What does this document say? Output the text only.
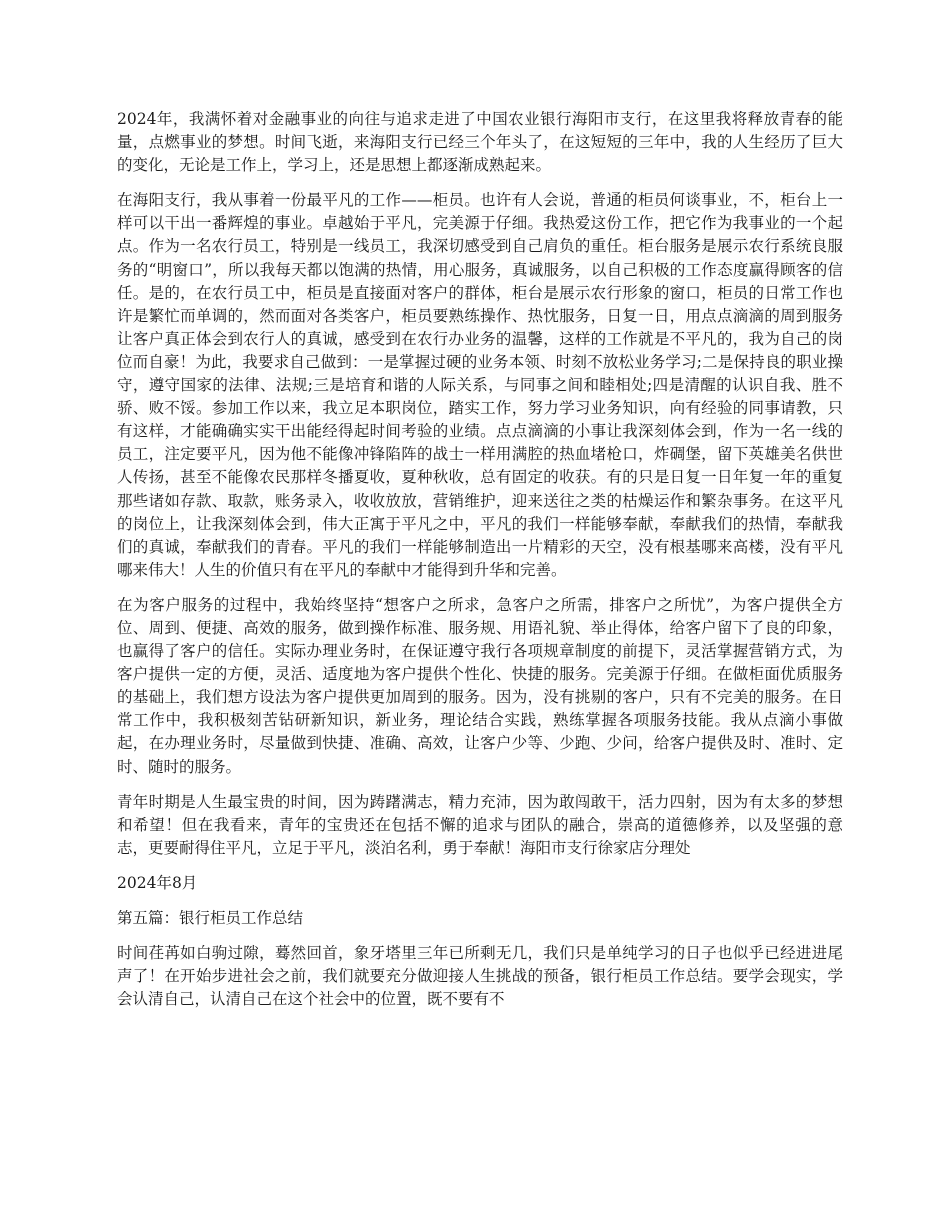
2024年，我满怀着对金融事业的向往与追求走进了中国农业银行海阳市支行，在这里我将释放青春的能量，点燃事业的梦想。时间飞逝，来海阳支行已经三个年头了，在这短短的三年中，我的人生经历了巨大的变化，无论是工作上，学习上，还是思想上都逐渐成熟起来。

在海阳支行，我从事着一份最平凡的工作——柜员。也许有人会说，普通的柜员何谈事业，不，柜台上一样可以干出一番辉煌的事业。卓越始于平凡，完美源于仔细。我热爱这份工作，把它作为我事业的一个起点。作为一名农行员工，特别是一线员工，我深切感受到自己肩负的重任。柜台服务是展示农行系统良服务的“明窗口”，所以我每天都以饱满的热情，用心服务，真诚服务，以自己积极的工作态度赢得顾客的信任。是的，在农行员工中，柜员是直接面对客户的群体，柜台是展示农行形象的窗口，柜员的日常工作也许是繁忙而单调的，然而面对各类客户，柜员要熟练操作、热忱服务，日复一日，用点点滴滴的周到服务让客户真正体会到农行人的真诚，感受到在农行办业务的温馨，这样的工作就是不平凡的，我为自己的岗位而自豪！为此，我要求自己做到：一是掌握过硬的业务本领、时刻不放松业务学习;二是保持良的职业操守，遵守国家的法律、法规;三是培育和谐的人际关系，与同事之间和睦相处;四是清醒的认识自我、胜不骄、败不馁。参加工作以来，我立足本职岗位，踏实工作，努力学习业务知识，向有经验的同事请教，只有这样，才能确确实实干出能经得起时间考验的业绩。点点滴滴的小事让我深刻体会到，作为一名一线的员工，注定要平凡，因为他不能像冲锋陷阵的战士一样用满腔的热血堵枪口，炸碉堡，留下英雄美名供世人传扬，甚至不能像农民那样冬播夏收，夏种秋收，总有固定的收获。有的只是日复一日年复一年的重复那些诸如存款、取款，账务录入，收收放放，营销维护，迎来送往之类的枯燥运作和繁杂事务。在这平凡的岗位上，让我深刻体会到，伟大正寓于平凡之中，平凡的我们一样能够奉献，奉献我们的热情，奉献我们的真诚，奉献我们的青春。平凡的我们一样能够制造出一片精彩的天空，没有根基哪来高楼，没有平凡哪来伟大！人生的价值只有在平凡的奉献中才能得到升华和完善。

在为客户服务的过程中，我始终坚持“想客户之所求，急客户之所需，排客户之所忧”，为客户提供全方位、周到、便捷、高效的服务，做到操作标准、服务规、用语礼貌、举止得体，给客户留下了良的印象，也赢得了客户的信任。实际办理业务时，在保证遵守我行各项规章制度的前提下，灵活掌握营销方式，为客户提供一定的方便，灵活、适度地为客户提供个性化、快捷的服务。完美源于仔细。在做柜面优质服务的基础上，我们想方设法为客户提供更加周到的服务。因为，没有挑剔的客户，只有不完美的服务。在日常工作中，我积极刻苦钻研新知识，新业务，理论结合实践，熟练掌握各项服务技能。我从点滴小事做起，在办理业务时，尽量做到快捷、准确、高效，让客户少等、少跑、少问，给客户提供及时、准时、定时、随时的服务。

青年时期是人生最宝贵的时间，因为踌躇满志，精力充沛，因为敢闯敢干，活力四射，因为有太多的梦想和希望！但在我看来，青年的宝贵还在包括不懈的追求与团队的融合，崇高的道德修养，以及坚强的意志，更要耐得住平凡，立足于平凡，淡泊名利，勇于奉献！海阳市支行徐家店分理处

2024年8月

第五篇：银行柜员工作总结

时间荏苒如白驹过隙，蓦然回首，象牙塔里三年已所剩无几，我们只是单纯学习的日子也似乎已经进进尾声了！在开始步进社会之前，我们就要充分做迎接人生挑战的预备，银行柜员工作总结。要学会现实，学会认清自己，认清自己在这个社会中的位置，既不要有不
